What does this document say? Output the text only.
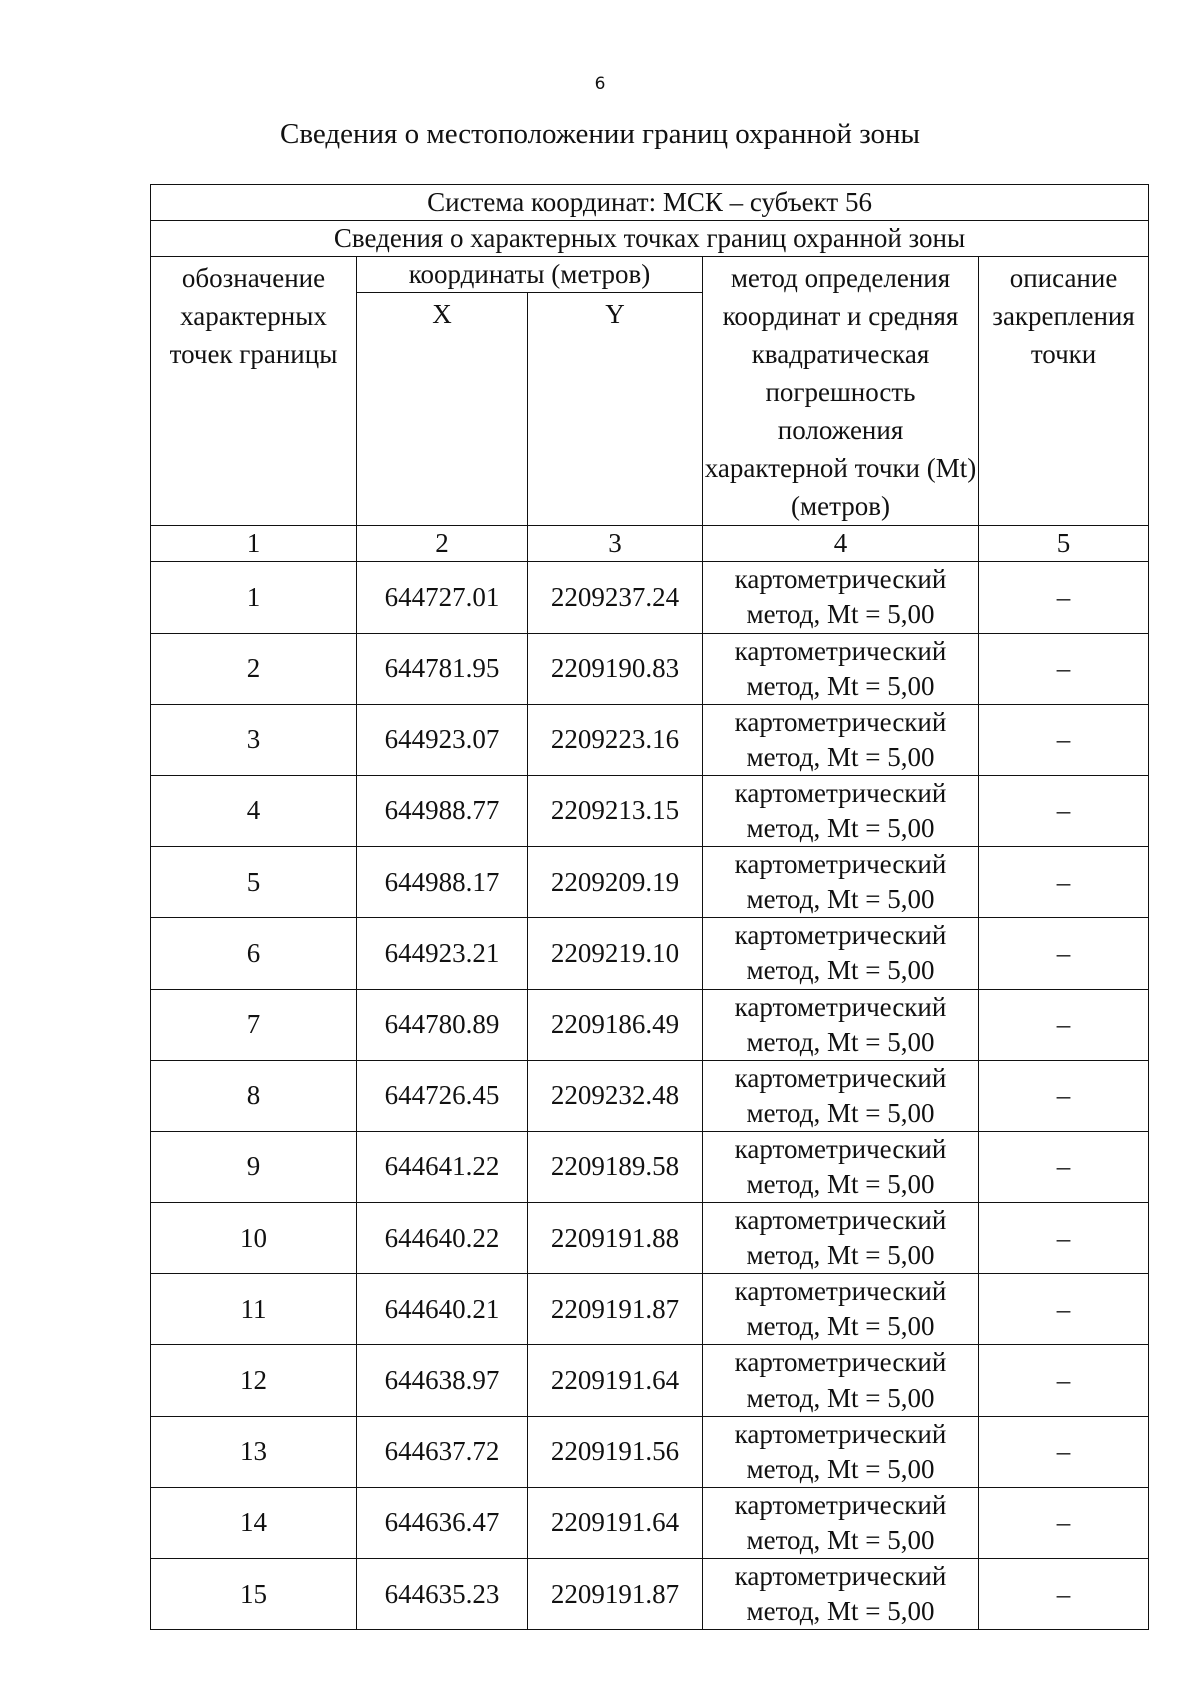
6
Сведения о местоположении границ охранной зоны
Система координат: МСК – субъект 56				
Сведения о характерных точках границ охранной зоны				
обозначение характерных точек границы	координаты (метров)		метод определения координат и средняя квадратическая погрешность положения характерной точки (Mt) (метров)	описание закрепления точки
	X	Y		
1	2	3	4	5
1	644727.01	2209237.24	картометрический
метод, Mt = 5,00	–
2	644781.95	2209190.83	картометрический
метод, Mt = 5,00	–
3	644923.07	2209223.16	картометрический
метод, Mt = 5,00	–
4	644988.77	2209213.15	картометрический
метод, Mt = 5,00	–
5	644988.17	2209209.19	картометрический
метод, Mt = 5,00	–
6	644923.21	2209219.10	картометрический
метод, Mt = 5,00	–
7	644780.89	2209186.49	картометрический
метод, Mt = 5,00	–
8	644726.45	2209232.48	картометрический
метод, Mt = 5,00	–
9	644641.22	2209189.58	картометрический
метод, Mt = 5,00	–
10	644640.22	2209191.88	картометрический
метод, Mt = 5,00	–
11	644640.21	2209191.87	картометрический
метод, Mt = 5,00	–
12	644638.97	2209191.64	картометрический
метод, Mt = 5,00	–
13	644637.72	2209191.56	картометрический
метод, Mt = 5,00	–
14	644636.47	2209191.64	картометрический
метод, Mt = 5,00	–
15	644635.23	2209191.87	картометрический
метод, Mt = 5,00	–
